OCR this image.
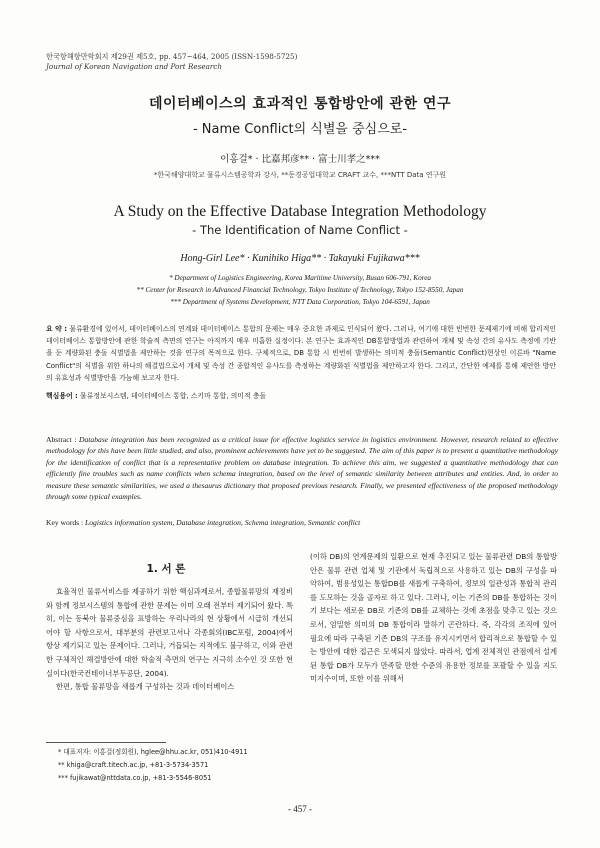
한국항해항만학회지 제29권 제5호, pp. 457~464, 2005 (ISSN-1598-5725)
Journal of Korean Navigation and Port Research
데이터베이스의 효과적인 통합방안에 관한 연구
- Name Conflict의 식별을 중심으로-
이홍걸* · 比嘉邦彦** · 富士川孝之***
*한국해양대학교 물류시스템공학과 강사, **동경공업대학교 CRAFT 교수, ***NTT Data 연구원
A Study on the Effective Database Integration Methodology
- The Identification of Name Conflict -
Hong-Girl Lee* · Kunihiko Higa** · Takayuki Fujikawa***
* Department of Logistics Engineering, Korea Maritime University, Busan 606-791, Korea
** Center for Research in Advanced Financial Technology, Tokyo Institute of Technology, Tokyo 152-8550, Japan
*** Department of Systems Development, NTT Data Corporation, Tokyo 104-6591, Japan
요 약 : 물류환경에 있어서, 데이터베이스의 연계와 데이터베이스 통합의 문제는 매우 중요한 과제로 인식되어 왔다. 그러나, 여기에 대한 빈번한 문제제기에 비해 합리적인 데이터베이스 통합방안에 관한 학술적 측면의 연구는 아직까지 매우 미흡한 실정이다. 본 연구는 효과적인 DB통합방법과 관련하여 개체 및 속성 간의 유사도 측정에 기반을 둔 계량화된 충돌 식별법을 제안하는 것을 연구의 목적으로 한다. 구체적으로, DB 통합 시 빈번히 발생하는 의미적 충돌(Semantic Conflict)현상인 이른바 "Name Conflict"의 식별을 위한 하나의 해결법으로서 개체 및 속성 간 종합적인 유사도를 측정하는 계량화된 식별법을 제안하고자 한다. 그리고, 간단한 예제를 통해 제안한 방안의 유효성과 식별방안을 가늠해 보고자 한다.
핵심용어 : 물류정보시스템, 데이터베이스 통합, 스키마 통합, 의미적 충돌
Abstract : Database integration has been recognized as a critical issue for effective logistics service in logistics environment. However, research related to effective methodology for this have been little studied, and also, prominent achievements have yet to be suggested. The aim of this paper is to present a quantitative methodology for the identification of conflict that is a representative problem on database integration. To achieve this aim, we suggested a quantitative methodology that can efficiently fine troubles such as name conflicts when schema integration, based on the level of semantic similarity between attributes and entities. And, in order to measure these semantic similarities, we used a thesaurus dictionary that proposed previous research. Finally, we presented effectiveness of the proposed methodology through some typical examples.
Key words : Logistics information system, Database integration, Schema integration, Semantic conflict
1. 서 론

효율적인 물류서비스를 제공하기 위한 핵심과제로서, 종합물류망의 재정비와 함께 정보시스템의 통합에 관한 문제는 이미 오래 전부터 제기되어 왔다. 특히, 이는 동북아 물류중심을 표방하는 우리나라의 현 상황에서 시급히 개선되어야 할 사항으로서, 대부분의 관련보고서나 각종회의(IBC포럼, 2004)에서 항상 제기되고 있는 문제이다. 그러나, 거듭되는 지적에도 불구하고, 이와 관련한 구체적인 해결방안에 대한 학술적 측면의 연구는 지극히 소수인 것 또한 현실이다(한국컨테이너부두공단, 2004).

한편, 통합 물류망을 새롭게 구성하는 것과 데이터베이스

(이하 DB)의 연계문제의 일환으로 현재 추진되고 있는 물류관련 DB의 통합방안은 물류 관련 업체 및 기관에서 독립적으로 사용하고 있는 DB의 구성을 파악하여, 범용성있는 통합DB를 새롭게 구축하여, 정보의 일관성과 통합적 관리를 도모하는 것을 골자로 하고 있다. 그러나, 이는 기존의 DB를 통합하는 것이기 보다는 새로운 DB로 기존의 DB를 교체하는 것에 초점을 맞추고 있는 것으로서, 엄밀한 의미의 DB 통합이라 말하기 곤란하다. 즉, 각각의 조직에 있어 필요에 따라 구축된 기존 DB의 구조를 유지시키면서 합리적으로 통합할 수 있는 방안에 대한 접근은 모색되지 않았다. 따라서, 업계 전체적인 관점에서 설계된 통합 DB가 모두가 만족할 만한 수준의 유용한 정보를 포괄할 수 있을 지도 미지수이며, 또한 이를 위해서

* 대표저자: 이홍걸(정회원), hglee@hhu.ac.kr, 051)410-4911
** khiga@craft.titech.ac.jp, +81-3-5734-3571
*** fujikawat@nttdata.co.jp, +81-3-5546-8051
- 457 -
